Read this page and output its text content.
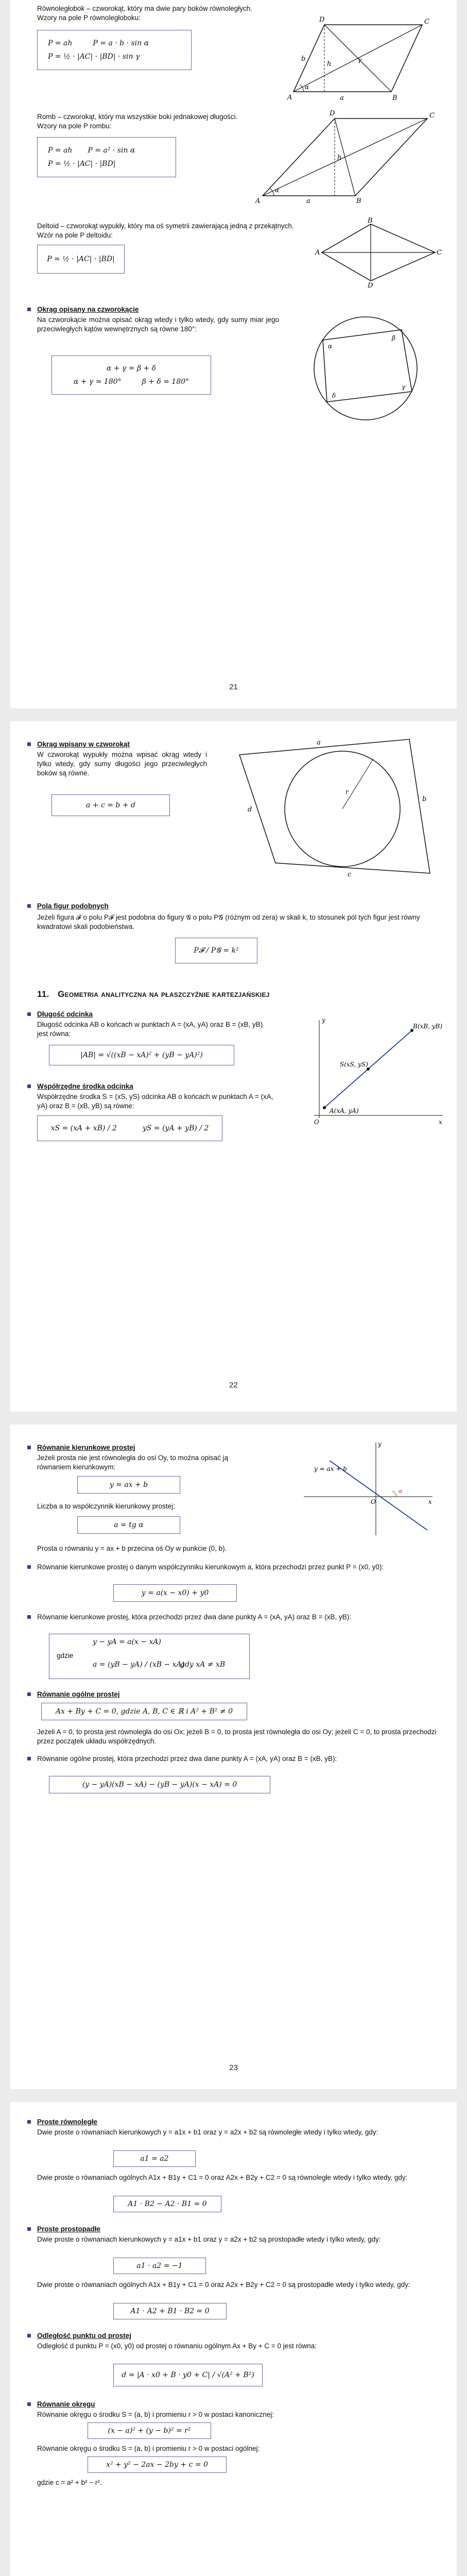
Równoległobok – czworokąt, który ma dwie pary boków równoległych.
Wzory na pole P równoległoboku:
P = ah	P = a · b · sin α
P = ½ · |AC| · |BD| · sin γ
A	B
C
D
a
b
h
α
γ
Romb – czworokąt, który ma wszystkie boki jednakowej długości.
Wzory na pole P rombu:
P = ah P = a² · sin α
P = ½ · |AC| · |BD|
A	B
C
D
a
h
α
Deltoid – czworokąt wypukły, który ma oś symetrii zawierającą jedną z przekątnych.
Wzór na pole P deltoidu:
P = ½ · |AC| · |BD|
A
B
C
D
Okrąg opisany na czworokącie
Na czworokącie można opisać okrąg wtedy i tylko wtedy, gdy sumy miar jego przeciwległych kątów wewnętrznych są równe 180°:
α + γ = β + δ
α + γ = 180°	β + δ = 180°
α
β
γ
δ
21
Okrąg wpisany w czworokąt
W czworokąt wypukły można wpisać okrąg wtedy i tylko wtedy, gdy sumy długości jego przeciwległych boków są równe.
a + c = b + d
r
a
b
c
d
Pola figur podobnych
Jeżeli figura 𝓕 o polu P𝓕 jest podobna do figury 𝓖 o polu P𝓖 (różnym od zera) w skali k, to stosunek pól tych figur jest równy kwadratowi skali podobieństwa.
P𝓕 / P𝓖 = k²
11. Geometria analityczna na płaszczyźnie kartezjańskiej
Długość odcinka
Długość odcinka AB o końcach w punktach A = (xA, yA) oraz B = (xB, yB) jest równa:
|AB| = √((xB − xA)² + (yB − yA)²)
Współrzędne środka odcinka
Współrzędne środka S = (xS, yS) odcinka AB o końcach w punktach A = (xA, yA) oraz B = (xB, yB) są równe:
xS = (xA + xB) / 2	yS = (yA + yB) / 2
B(xB, yB)
A(xA, yA)
S(xS, yS)
O	x
y
22
Równanie kierunkowe prostej
Jeżeli prosta nie jest równoległa do osi Oy, to można opisać ją równaniem kierunkowym:
y = ax + b
Liczba a to współczynnik kierunkowy prostej:
a = tg α
Prosta o równaniu y = ax + b przecina oś Oy w punkcie (0, b).
α
y = ax + b
y
x
O
Równanie kierunkowe prostej o danym współczynniku kierunkowym a, która przechodzi przez punkt P = (x0, y0):
y = a(x − x0) + y0
Równanie kierunkowe prostej, która przechodzi przez dwa dane punkty A = (xA, yA) oraz B = (xB, yB):
gdzie
y − yA = a(x − xA)
a = (yB − yA) / (xB − xA)
gdy xA ≠ xB
Równanie ogólne prostej
Ax + By + C = 0, gdzie A, B, C ∈ ℝ i A² + B² ≠ 0
Jeżeli A = 0, to prosta jest równoległa do osi Ox; jeżeli B = 0, to prosta jest równoległa do osi Oy; jeżeli C = 0, to prosta przechodzi przez początek układu współrzędnych.
Równanie ogólne prostej, która przechodzi przez dwa dane punkty A = (xA, yA) oraz B = (xB, yB):
(y − yA)(xB − xA) − (yB − yA)(x − xA) = 0
23
Proste równoległe
Dwie proste o równaniach kierunkowych y = a1x + b1 oraz y = a2x + b2 są równoległe wtedy i tylko wtedy, gdy:
a1 = a2
Dwie proste o równaniach ogólnych A1x + B1y + C1 = 0 oraz A2x + B2y + C2 = 0 są równoległe wtedy i tylko wtedy, gdy:
A1 · B2 − A2 · B1 = 0
Proste prostopadłe
Dwie proste o równaniach kierunkowych y = a1x + b1 oraz y = a2x + b2 są prostopadłe wtedy i tylko wtedy, gdy:
a1 · a2 = −1
Dwie proste o równaniach ogólnych A1x + B1y + C1 = 0 oraz A2x + B2y + C2 = 0 są prostopadłe wtedy i tylko wtedy, gdy:
A1 · A2 + B1 · B2 = 0
Odległość punktu od prostej
Odległość d punktu P = (x0, y0) od prostej o równaniu ogólnym Ax + By + C = 0 jest równa:
d = |A · x0 + B · y0 + C| / √(A² + B²)
Równanie okręgu
Równanie okręgu o środku S = (a, b) i promieniu r > 0 w postaci kanonicznej:
(x − a)² + (y − b)² = r²
Równanie okręgu o środku S = (a, b) i promieniu r > 0 w postaci ogólnej:
x² + y² − 2ax − 2by + c = 0
gdzie c = a² + b² − r².
